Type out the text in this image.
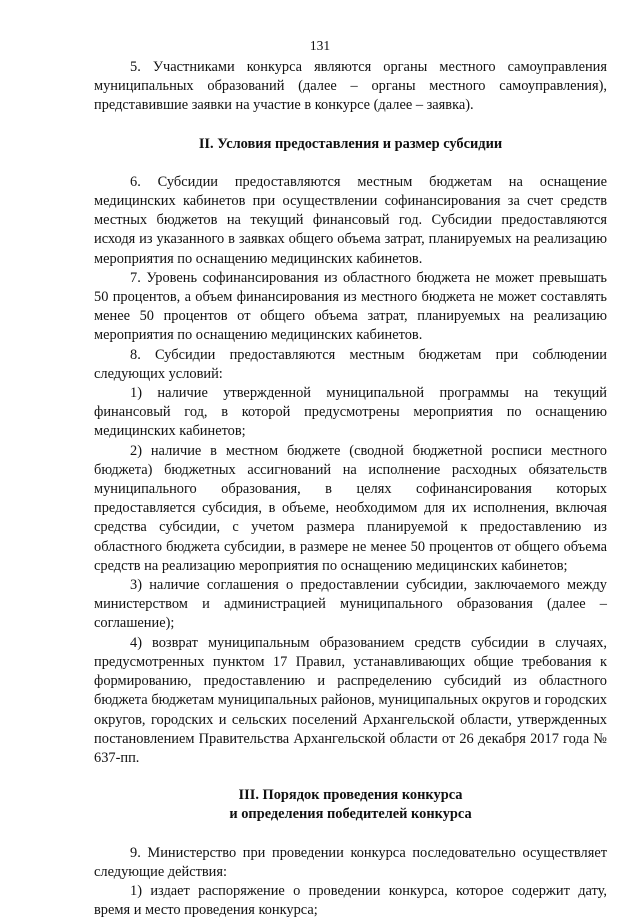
131

5. Участниками конкурса являются органы местного самоуправления муниципальных образований (далее – органы местного самоуправления), представившие заявки на участие в конкурсе (далее – заявка).

II. Условия предоставления и размер субсидии

6. Субсидии предоставляются местным бюджетам на оснащение медицинских кабинетов при осуществлении софинансирования за счет средств местных бюджетов на текущий финансовый год. Субсидии предоставляются исходя из указанного в заявках общего объема затрат, планируемых на реализацию мероприятия по оснащению медицинских кабинетов.

7. Уровень софинансирования из областного бюджета не может превышать 50 процентов, а объем финансирования из местного бюджета не может составлять менее 50 процентов от общего объема затрат, планируемых на реализацию мероприятия по оснащению медицинских кабинетов.

8. Субсидии предоставляются местным бюджетам при соблюдении следующих условий:

1) наличие утвержденной муниципальной программы на текущий финансовый год, в которой предусмотрены мероприятия по оснащению медицинских кабинетов;

2) наличие в местном бюджете (сводной бюджетной росписи местного бюджета) бюджетных ассигнований на исполнение расходных обязательств муниципального образования, в целях софинансирования которых предоставляется субсидия, в объеме, необходимом для их исполнения, включая средства субсидии, с учетом размера планируемой к предоставлению из областного бюджета субсидии, в размере не менее 50 процентов от общего объема средств на реализацию мероприятия по оснащению медицинских кабинетов;

3) наличие соглашения о предоставлении субсидии, заключаемого между министерством и администрацией муниципального образования (далее – соглашение);

4) возврат муниципальным образованием средств субсидии в случаях, предусмотренных пунктом 17 Правил, устанавливающих общие требования к формированию, предоставлению и распределению субсидий из областного бюджета бюджетам муниципальных районов, муниципальных округов и городских округов, городских и сельских поселений Архангельской области, утвержденных постановлением Правительства Архангельской области от 26 декабря 2017 года № 637-пп.

III. Порядок проведения конкурса

и определения победителей конкурса

9. Министерство при проведении конкурса последовательно осуществляет следующие действия:

1) издает распоряжение о проведении конкурса, которое содержит дату, время и место проведения конкурса;
